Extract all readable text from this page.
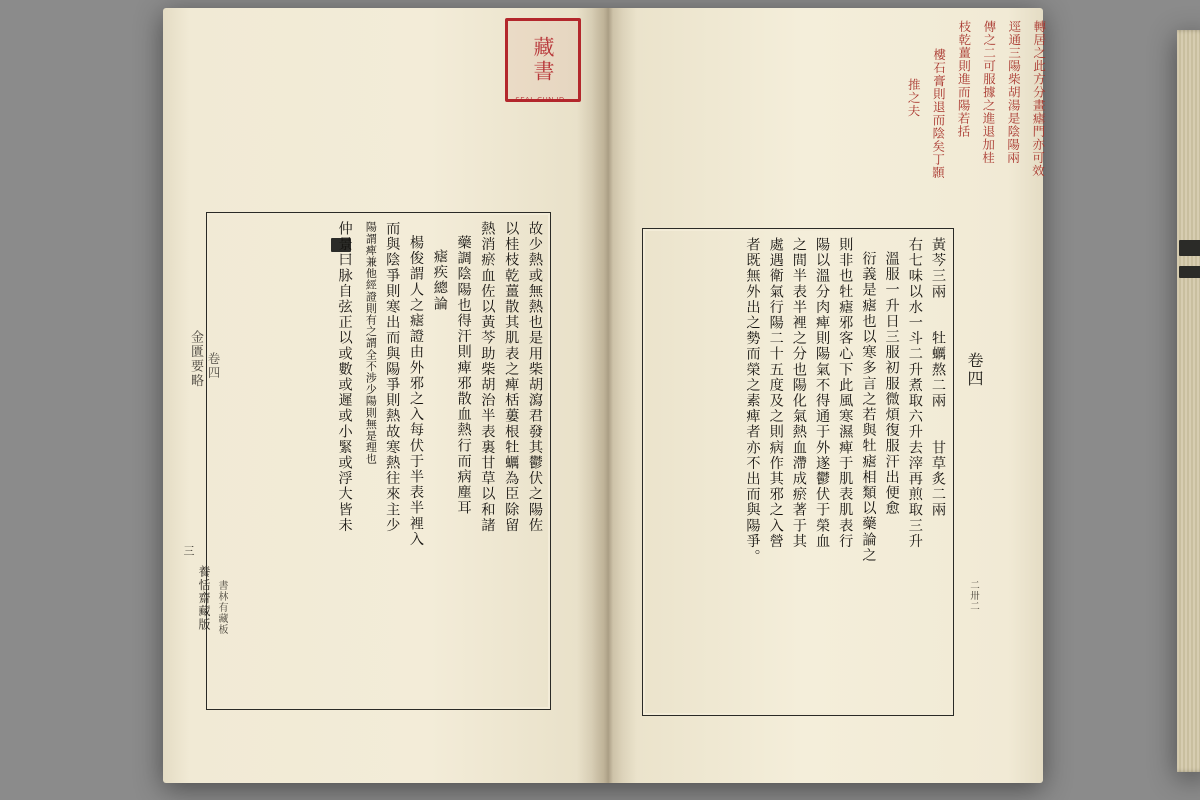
藏書
SEAL.CHN.ID	轉居之此方分畫瘧門亦可效
逕通三陽柴胡湯是陰陽兩
傳之二可服據之進退加桂
枝乾薑則進而陽若括
樓石膏則退而陰矣丁顥
推之夫
黃芩三兩　　牡蠣熬二兩　　甘草炙二兩
右七味以水一斗二升煮取六升去滓再煎取三升
溫服一升日三服初服微煩復服汗出便愈
衍義是瘧也以寒多言之若與牡瘧相類以藥論之
則非也牡瘧邪客心下此風寒濕痺于肌表肌表行
陽以溫分肉痺則陽氣不得通于外遂鬱伏于榮血
之間半表半裡之分也陽化氣熱血滯成瘀著于其
處遇衛氣行陽二十五度及之則病作其邪之入營
者既無外出之勢而榮之素痺者亦不出而與陽爭。
故少熱或無熱也是用柴胡瀉君發其鬱伏之陽佐
以桂枝乾薑散其肌表之痺栝蔞根牡蠣為臣除留
熱消瘀血佐以黃芩助柴胡治半表裏甘草以和諸
藥調陰陽也得汗則痺邪散血熱行而病塵耳
瘧疾總論
楊俊謂人之瘧證由外邪之入每伏于半表半裡入
而與陰爭則寒出而與陽爭則熱故寒熱往來主少
陽謂痺兼他經證則有之謂全不涉少陽則無是理也
仲景曰脉自弦正以或數或遲或小緊或浮大皆未	卷四
二卅二
金匱要略 卷四
三
養恬齋藏版 書林有藏板
